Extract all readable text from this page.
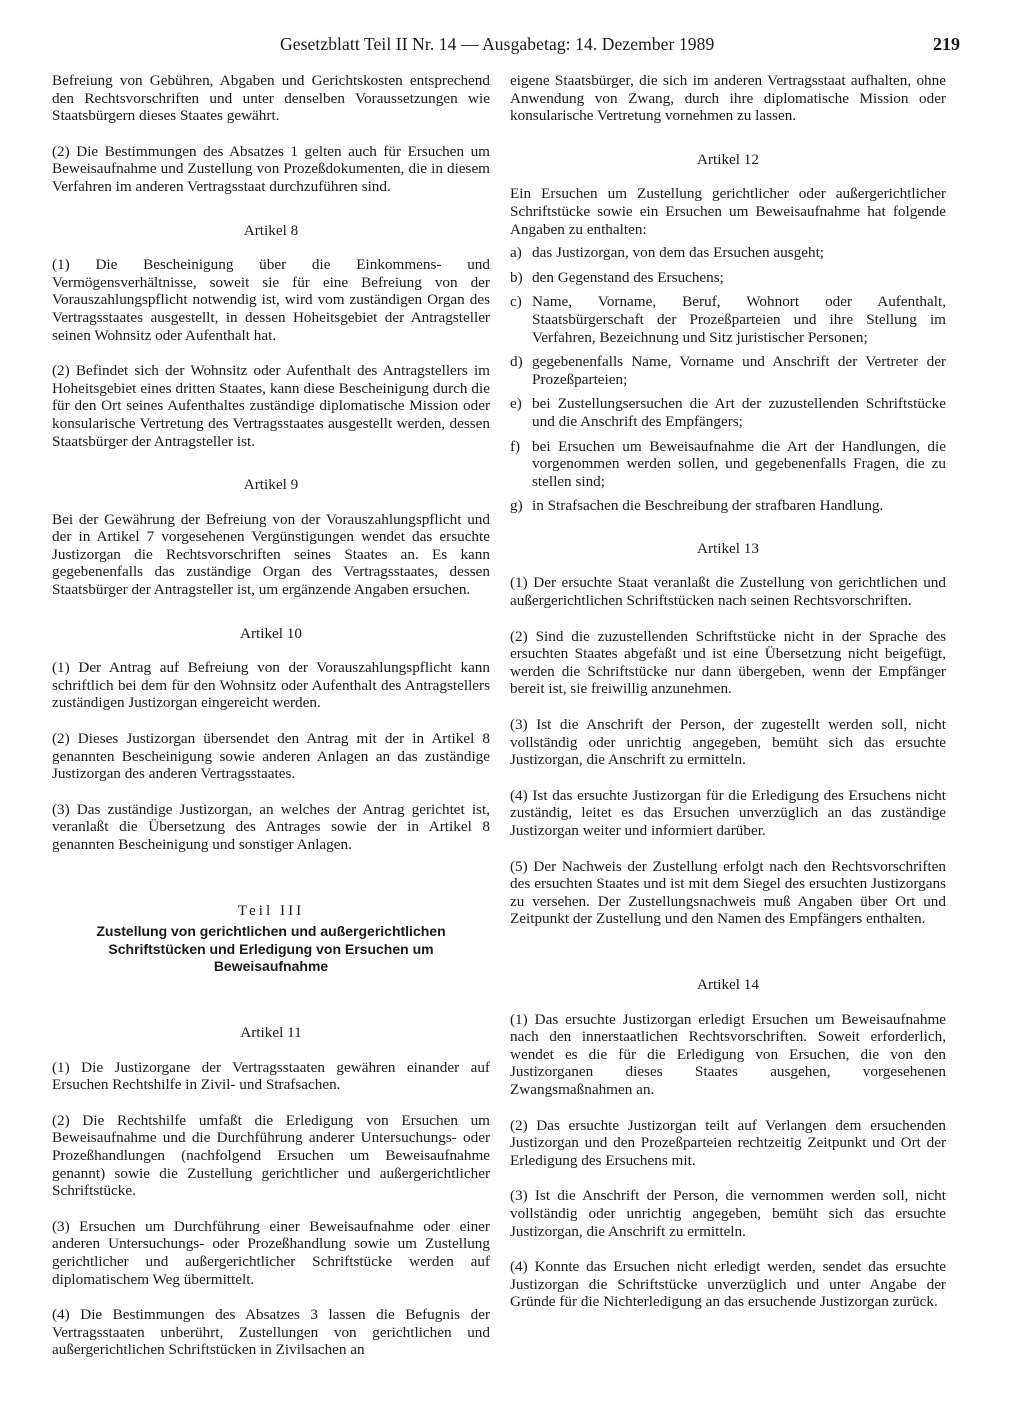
Gesetzblatt Teil II Nr. 14 — Ausgabetag: 14. Dezember 1989	219

Befreiung von Gebühren, Abgaben und Gerichtskosten entsprechend den Rechtsvorschriften und unter denselben Voraussetzungen wie Staatsbürgern dieses Staates gewährt.

(2) Die Bestimmungen des Absatzes 1 gelten auch für Ersuchen um Beweisaufnahme und Zustellung von Prozeßdokumenten, die in diesem Verfahren im anderen Vertragsstaat durchzuführen sind.

Artikel 8

(1) Die Bescheinigung über die Einkommens- und Vermögensverhältnisse, soweit sie für eine Befreiung von der Vorauszahlungspflicht notwendig ist, wird vom zuständigen Organ des Vertragsstaates ausgestellt, in dessen Hoheitsgebiet der Antragsteller seinen Wohnsitz oder Aufenthalt hat.

(2) Befindet sich der Wohnsitz oder Aufenthalt des Antragstellers im Hoheitsgebiet eines dritten Staates, kann diese Bescheinigung durch die für den Ort seines Aufenthaltes zuständige diplomatische Mission oder konsularische Vertretung des Vertragsstaates ausgestellt werden, dessen Staatsbürger der Antragsteller ist.

Artikel 9

Bei der Gewährung der Befreiung von der Vorauszahlungspflicht und der in Artikel 7 vorgesehenen Vergünstigungen wendet das ersuchte Justizorgan die Rechtsvorschriften seines Staates an. Es kann gegebenenfalls das zuständige Organ des Vertragsstaates, dessen Staatsbürger der Antragsteller ist, um ergänzende Angaben ersuchen.

Artikel 10

(1) Der Antrag auf Befreiung von der Vorauszahlungspflicht kann schriftlich bei dem für den Wohnsitz oder Aufenthalt des Antragstellers zuständigen Justizorgan eingereicht werden.

(2) Dieses Justizorgan übersendet den Antrag mit der in Artikel 8 genannten Bescheinigung sowie anderen Anlagen an das zuständige Justizorgan des anderen Vertragsstaates.

(3) Das zuständige Justizorgan, an welches der Antrag gerichtet ist, veranlaßt die Übersetzung des Antrages sowie der in Artikel 8 genannten Bescheinigung und sonstiger Anlagen.

Teil III

Zustellung von gerichtlichen und außergerichtlichen Schriftstücken und Erledigung von Ersuchen um Beweisaufnahme

Artikel 11

(1) Die Justizorgane der Vertragsstaaten gewähren einander auf Ersuchen Rechtshilfe in Zivil- und Strafsachen.

(2) Die Rechtshilfe umfaßt die Erledigung von Ersuchen um Beweisaufnahme und die Durchführung anderer Untersuchungs- oder Prozeßhandlungen (nachfolgend Ersuchen um Beweisaufnahme genannt) sowie die Zustellung gerichtlicher und außergerichtlicher Schriftstücke.

(3) Ersuchen um Durchführung einer Beweisaufnahme oder einer anderen Untersuchungs- oder Prozeßhandlung sowie um Zustellung gerichtlicher und außergerichtlicher Schriftstücke werden auf diplomatischem Weg übermittelt.

(4) Die Bestimmungen des Absatzes 3 lassen die Befugnis der Vertragsstaaten unberührt, Zustellungen von gerichtlichen und außergerichtlichen Schriftstücken in Zivilsachen an

eigene Staatsbürger, die sich im anderen Vertragsstaat aufhalten, ohne Anwendung von Zwang, durch ihre diplomatische Mission oder konsularische Vertretung vornehmen zu lassen.

Artikel 12

Ein Ersuchen um Zustellung gerichtlicher oder außergerichtlicher Schriftstücke sowie ein Ersuchen um Beweisaufnahme hat folgende Angaben zu enthalten:

a) das Justizorgan, von dem das Ersuchen ausgeht;
b) den Gegenstand des Ersuchens;
c) Name, Vorname, Beruf, Wohnort oder Aufenthalt, Staatsbürgerschaft der Prozeßparteien und ihre Stellung im Verfahren, Bezeichnung und Sitz juristischer Personen;
d) gegebenenfalls Name, Vorname und Anschrift der Vertreter der Prozeßparteien;
e) bei Zustellungsersuchen die Art der zuzustellenden Schriftstücke und die Anschrift des Empfängers;
f) bei Ersuchen um Beweisaufnahme die Art der Handlungen, die vorgenommen werden sollen, und gegebenenfalls Fragen, die zu stellen sind;
g) in Strafsachen die Beschreibung der strafbaren Handlung.
Artikel 13

(1) Der ersuchte Staat veranlaßt die Zustellung von gerichtlichen und außergerichtlichen Schriftstücken nach seinen Rechtsvorschriften.

(2) Sind die zuzustellenden Schriftstücke nicht in der Sprache des ersuchten Staates abgefaßt und ist eine Übersetzung nicht beigefügt, werden die Schriftstücke nur dann übergeben, wenn der Empfänger bereit ist, sie freiwillig anzunehmen.

(3) Ist die Anschrift der Person, der zugestellt werden soll, nicht vollständig oder unrichtig angegeben, bemüht sich das ersuchte Justizorgan, die Anschrift zu ermitteln.

(4) Ist das ersuchte Justizorgan für die Erledigung des Ersuchens nicht zuständig, leitet es das Ersuchen unverzüglich an das zuständige Justizorgan weiter und informiert darüber.

(5) Der Nachweis der Zustellung erfolgt nach den Rechtsvorschriften des ersuchten Staates und ist mit dem Siegel des ersuchten Justizorgans zu versehen. Der Zustellungsnachweis muß Angaben über Ort und Zeitpunkt der Zustellung und den Namen des Empfängers enthalten.

Artikel 14

(1) Das ersuchte Justizorgan erledigt Ersuchen um Beweisaufnahme nach den innerstaatlichen Rechtsvorschriften. Soweit erforderlich, wendet es die für die Erledigung von Ersuchen, die von den Justizorganen dieses Staates ausgehen, vorgesehenen Zwangsmaßnahmen an.

(2) Das ersuchte Justizorgan teilt auf Verlangen dem ersuchenden Justizorgan und den Prozeßparteien rechtzeitig Zeitpunkt und Ort der Erledigung des Ersuchens mit.

(3) Ist die Anschrift der Person, die vernommen werden soll, nicht vollständig oder unrichtig angegeben, bemüht sich das ersuchte Justizorgan, die Anschrift zu ermitteln.

(4) Konnte das Ersuchen nicht erledigt werden, sendet das ersuchte Justizorgan die Schriftstücke unverzüglich und unter Angabe der Gründe für die Nichterledigung an das ersuchende Justizorgan zurück.
